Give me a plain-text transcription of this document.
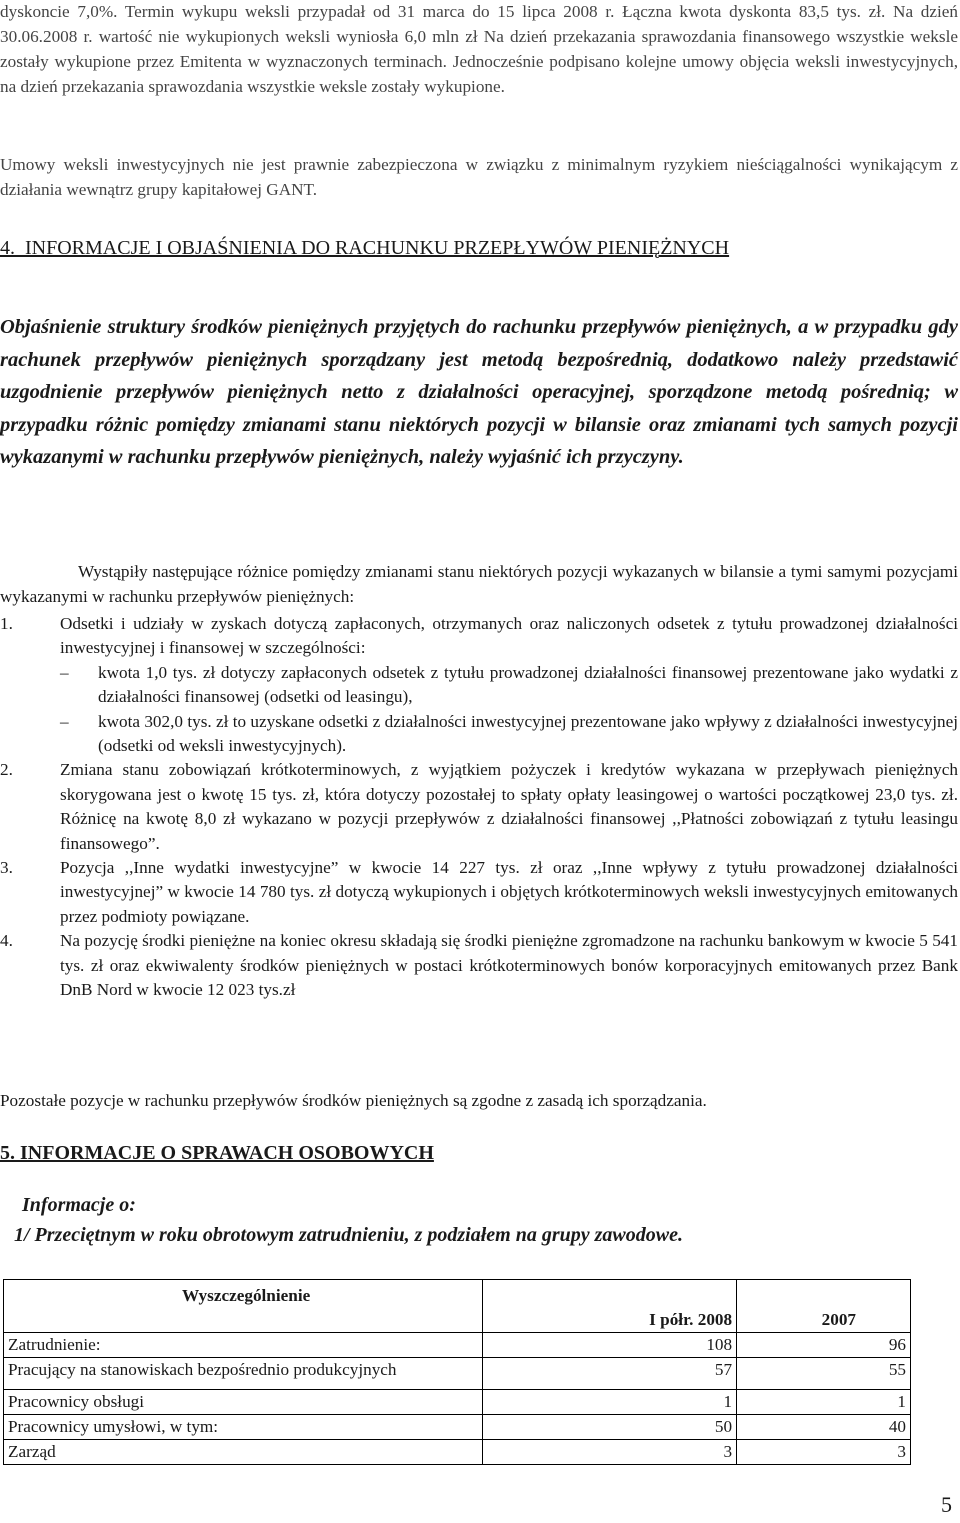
dyskoncie 7,0%. Termin wykupu weksli przypadał od 31 marca do 15 lipca 2008 r. Łączna kwota dyskonta 83,5 tys. zł. Na dzień 30.06.2008 r. wartość nie wykupionych weksli wyniosła 6,0 mln zł Na dzień przekazania sprawozdania finansowego wszystkie weksle zostały wykupione przez Emitenta w wyznaczonych terminach. Jednocześnie podpisano kolejne umowy objęcia weksli inwestycyjnych, na dzień przekazania sprawozdania wszystkie weksle zostały wykupione.
Umowy weksli inwestycyjnych nie jest prawnie zabezpieczona w związku z minimalnym ryzykiem nieściągalności wynikającym z działania wewnątrz grupy kapitałowej GANT.
4. INFORMACJE I OBJAŚNIENIA DO RACHUNKU PRZEPŁYWÓW PIENIĘŻNYCH
Objaśnienie struktury środków pieniężnych przyjętych do rachunku przepływów pieniężnych, a w przypadku gdy rachunek przepływów pieniężnych sporządzany jest metodą bezpośrednią, dodatkowo należy przedstawić uzgodnienie przepływów pieniężnych netto z działalności operacyjnej, sporządzone metodą pośrednią; w przypadku różnic pomiędzy zmianami stanu niektórych pozycji w bilansie oraz zmianami tych samych pozycji wykazanymi w rachunku przepływów pieniężnych, należy wyjaśnić ich przyczyny.
Wystąpiły następujące różnice pomiędzy zmianami stanu niektórych pozycji wykazanych w bilansie a tymi samymi pozycjami wykazanymi w rachunku przepływów pieniężnych:
1.	Odsetki i udziały w zyskach dotyczą zapłaconych, otrzymanych oraz naliczonych odsetek z tytułu prowadzonej działalności inwestycyjnej i finansowej w szczególności:
–	kwota 1,0 tys. zł dotyczy zapłaconych odsetek z tytułu prowadzonej działalności finansowej prezentowane jako wydatki z działalności finansowej (odsetki od leasingu),
–	kwota 302,0 tys. zł to uzyskane odsetki z działalności inwestycyjnej prezentowane jako wpływy z działalności inwestycyjnej (odsetki od weksli inwestycyjnych).
2.	Zmiana stanu zobowiązań krótkoterminowych, z wyjątkiem pożyczek i kredytów wykazana w przepływach pieniężnych skorygowana jest o kwotę 15 tys. zł, która dotyczy pozostałej to spłaty opłaty leasingowej o wartości początkowej 23,0 tys. zł. Różnicę na kwotę 8,0 zł wykazano w pozycji przepływów z działalności finansowej ,,Płatności zobowiązań z tytułu leasingu finansowego”.
3.	Pozycja ,,Inne wydatki inwestycyjne” w kwocie 14 227 tys. zł oraz ,,Inne wpływy z tytułu prowadzonej działalności inwestycyjnej” w kwocie 14 780 tys. zł dotyczą wykupionych i objętych krótkoterminowych weksli inwestycyjnych emitowanych przez podmioty powiązane.
4.	Na pozycję środki pieniężne na koniec okresu składają się środki pieniężne zgromadzone na rachunku bankowym w kwocie 5 541 tys. zł oraz ekwiwalenty środków pieniężnych w postaci krótkoterminowych bonów korporacyjnych emitowanych przez Bank DnB Nord w kwocie 12 023 tys.zł
Pozostałe pozycje w rachunku przepływów środków pieniężnych są zgodne z zasadą ich sporządzania.
5. INFORMACJE O SPRAWACH OSOBOWYCH
Informacje o:
1/ Przeciętnym w roku obrotowym zatrudnieniu, z podziałem na grupy zawodowe.
Wyszczególnienie	I półr. 2008	2007
Zatrudnienie:	108	96
Pracujący na stanowiskach bezpośrednio produkcyjnych	57	55
Pracownicy obsługi	1	1
Pracownicy umysłowi, w tym:	50	40
Zarząd	3	3
5
